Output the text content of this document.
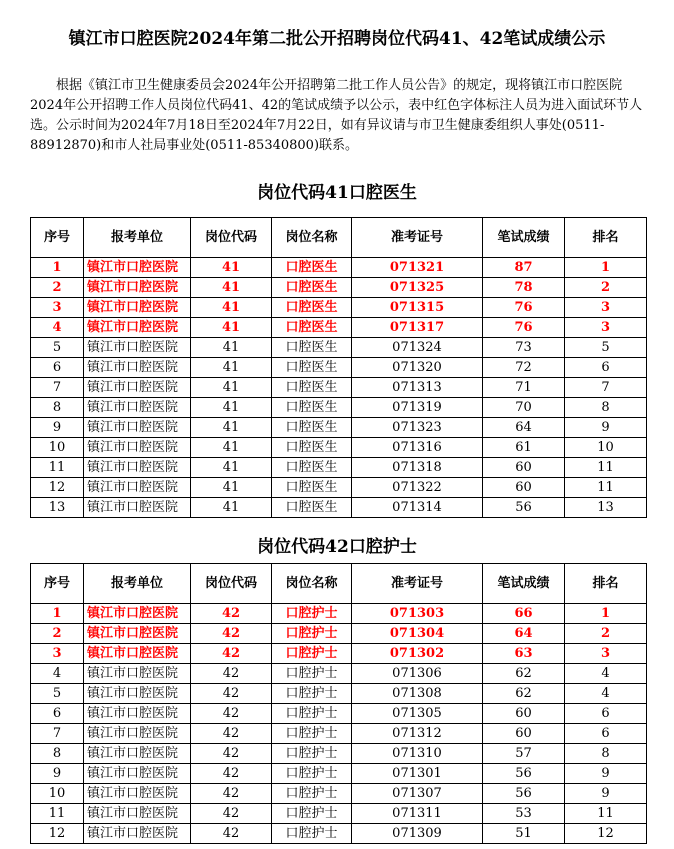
镇江市口腔医院2024年第二批公开招聘岗位代码41、42笔试成绩公示

根据《镇江市卫生健康委员会2024年公开招聘第二批工作人员公告》的规定，现将镇江市口腔医院2024年公开招聘工作人员岗位代码41、42的笔试成绩予以公示，表中红色字体标注人员为进入面试环节人选。公示时间为2024年7月18日至2024年7月22日，如有异议请与市卫生健康委组织人事处(0511-88912870)和市人社局事业处(0511-85340800)联系。

岗位代码41口腔医生
序号	报考单位	岗位代码	岗位名称	准考证号	笔试成绩	排名
1	镇江市口腔医院	41	口腔医生	071321	87	1
2	镇江市口腔医院	41	口腔医生	071325	78	2
3	镇江市口腔医院	41	口腔医生	071315	76	3
4	镇江市口腔医院	41	口腔医生	071317	76	3
5	镇江市口腔医院	41	口腔医生	071324	73	5
6	镇江市口腔医院	41	口腔医生	071320	72	6
7	镇江市口腔医院	41	口腔医生	071313	71	7
8	镇江市口腔医院	41	口腔医生	071319	70	8
9	镇江市口腔医院	41	口腔医生	071323	64	9
10	镇江市口腔医院	41	口腔医生	071316	61	10
11	镇江市口腔医院	41	口腔医生	071318	60	11
12	镇江市口腔医院	41	口腔医生	071322	60	11
13	镇江市口腔医院	41	口腔医生	071314	56	13
岗位代码42口腔护士
序号	报考单位	岗位代码	岗位名称	准考证号	笔试成绩	排名
1	镇江市口腔医院	42	口腔护士	071303	66	1
2	镇江市口腔医院	42	口腔护士	071304	64	2
3	镇江市口腔医院	42	口腔护士	071302	63	3
4	镇江市口腔医院	42	口腔护士	071306	62	4
5	镇江市口腔医院	42	口腔护士	071308	62	4
6	镇江市口腔医院	42	口腔护士	071305	60	6
7	镇江市口腔医院	42	口腔护士	071312	60	6
8	镇江市口腔医院	42	口腔护士	071310	57	8
9	镇江市口腔医院	42	口腔护士	071301	56	9
10	镇江市口腔医院	42	口腔护士	071307	56	9
11	镇江市口腔医院	42	口腔护士	071311	53	11
12	镇江市口腔医院	42	口腔护士	071309	51	12
